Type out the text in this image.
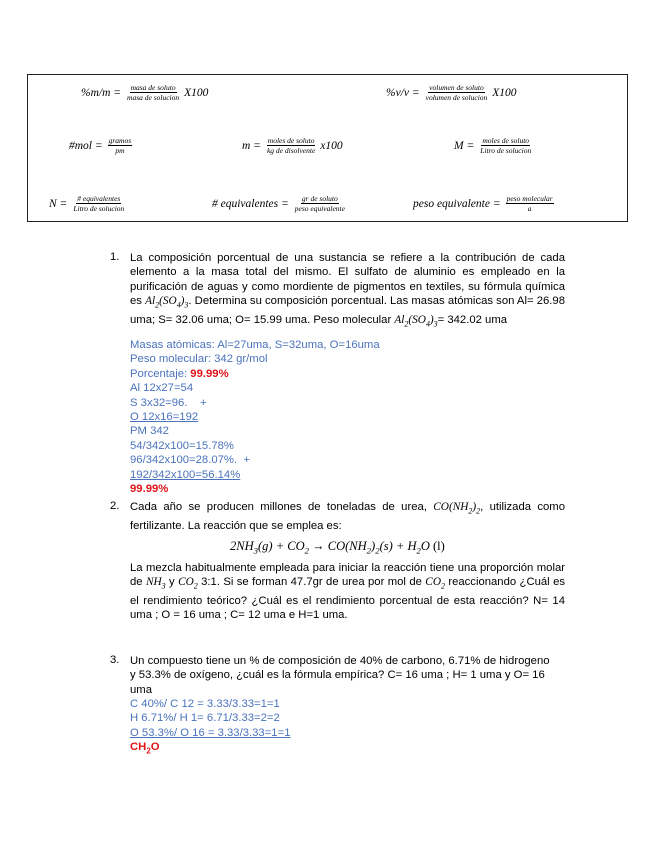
$\%m/m = \frac{\text{masa de soluto}}{\text{masa de solucion}} X100$	$\%v/v = \frac{\text{volumen de soluto}}{\text{volumen de solucion}} X100$
#mol = $\frac{\text{gramos}}{pm}$	$m = \frac{\text{moles de soluto}}{\text{kg de disolvente}} x100$	$M = \frac{\text{moles de soluto}}{\text{Litro de solucion}}$
$N = \frac{\text{\# equivalentes}}{\text{Litro de solucion}}$	# equivalentes = $\frac{\text{gr de soluto}}{\text{peso equivalente}}$	peso equivalente = $\frac{\text{peso molecular}}{a}$
1. La composición porcentual de una sustancia se refiere a la contribución de cada elemento a la masa total del mismo. El sulfato de aluminio es empleado en la purificación de aguas y como mordiente de pigmentos en textiles, su fórmula química es $Al_2(SO_4)_3$. Determina su composición porcentual. Las masas atómicas son Al= 26.98 uma; S= 32.06 uma; O= 15.99 uma. Peso molecular $Al_2(SO_4)_3= 342.02$ uma
Masas atómicas: Al=27uma, S=32uma, O=16uma
Peso molecular: 342 gr/mol
Porcentaje: 99.99%
Al 12x27=54
S 3x32=96.    +
O 12x16=192
PM 342
54/342x100=15.78%
96/342x100=28.07%.  +
192/342x100=56.14%
99.99%
2. Cada año se producen millones de toneladas de urea, $CO(NH_2)_2$, utilizada como fertilizante. La reacción que se emplea es:
$2NH_3(g) + CO_2 \to CO(NH_2)_2(s) + H_2O$ (l)
La mezcla habitualmente empleada para iniciar la reacción tiene una proporción molar de $NH_3$ y $CO_2$ 3:1. Si se forman 47.7gr de urea por mol de $CO_2$ reaccionando ¿Cuál es el rendimiento teórico? ¿Cuál es el rendimiento porcentual de esta reacción? N= 14 uma ; O = 16 uma ; C= 12 uma e H=1 uma.
3. Un compuesto tiene un % de composición de 40% de carbono, 6.71% de hidrogeno y 53.3% de oxígeno, ¿cuál es la fórmula empírica? C= 16 uma ; H= 1 uma y O= 16 uma
C 40%/ C 12 = 3.33/3.33=1=1
H 6.71%/ H 1= 6.71/3.33=2=2
O 53.3%/ O 16 = 3.33/3.33=1=1
$CH_2O$
